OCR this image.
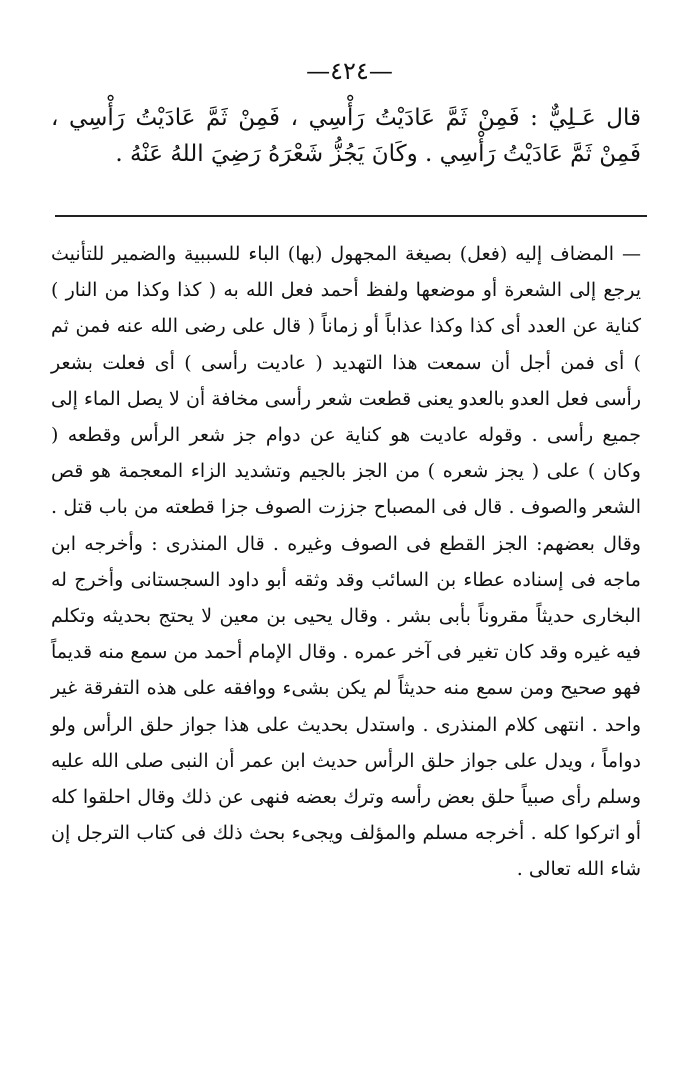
—٤٢٤—

قال عَـلِيٌّ : فَمِنْ ثَمَّ عَادَيْتُ رَأْسِي ، فَمِنْ ثَمَّ عَادَيْتُ رَأْسِي ، فَمِنْ ثَمَّ عَادَيْتُ رَأْسِي . وكَانَ يَجُزُّ شَعْرَهُ رَضِيَ اللهُ عَنْهُ .

— المضاف إليه (فعل) بصيغة المجهول (بها) الباء للسببية والضمير للتأنيث يرجع إلى الشعرة أو موضعها ولفظ أحمد فعل الله به ( كذا وكذا من النار ) كناية عن العدد أى كذا وكذا عذاباً أو زماناً ( قال على رضى الله عنه فمن ثم ) أى فمن أجل أن سمعت هذا التهديد ( عاديت رأسى ) أى فعلت بشعر رأسى فعل العدو بالعدو يعنى قطعت شعر رأسى مخافة أن لا يصل الماء إلى جميع رأسى . وقوله عاديت هو كناية عن دوام جز شعر الرأس وقطعه ( وكان ) على ( يجز شعره ) من الجز بالجيم وتشديد الزاء المعجمة هو قص الشعر والصوف . قال فى المصباح جززت الصوف جزا قطعته من باب قتل . وقال بعضهم: الجز القطع فى الصوف وغيره . قال المنذرى : وأخرجه ابن ماجه فى إسناده عطاء بن السائب وقد وثقه أبو داود السجستانى وأخرج له البخارى حديثاً مقروناً بأبى بشر . وقال يحيى بن معين لا يحتج بحديثه وتكلم فيه غيره وقد كان تغير فى آخر عمره . وقال الإمام أحمد من سمع منه قديماً فهو صحيح ومن سمع منه حديثاً لم يكن بشىء ووافقه على هذه التفرقة غير واحد . انتهى كلام المنذرى . واستدل بحديث على هذا جواز حلق الرأس ولو دواماً ، ويدل على جواز حلق الرأس حديث ابن عمر أن النبى صلى الله عليه وسلم رأى صبياً حلق بعض رأسه وترك بعضه فنهى عن ذلك وقال احلقوا كله أو اتركوا كله . أخرجه مسلم والمؤلف ويجىء بحث ذلك فى كتاب الترجل إن شاء الله تعالى .
